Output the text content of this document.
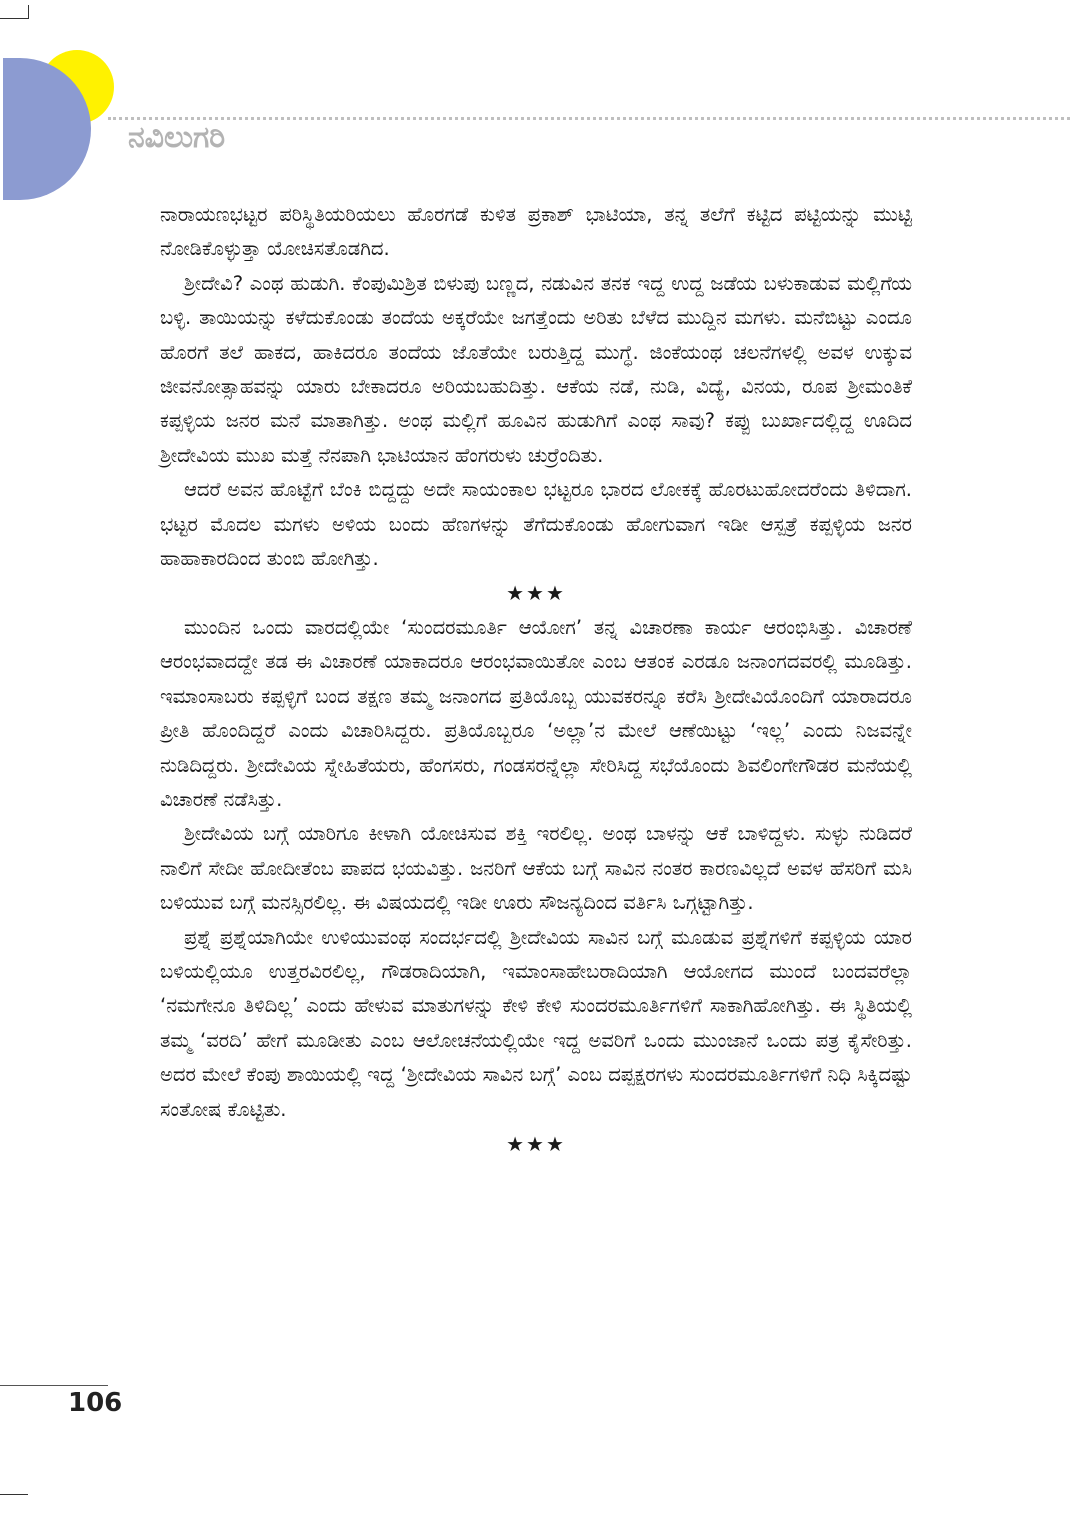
ನವಿಲುಗರಿ

ನಾರಾಯಣಭಟ್ಟರ ಪರಿಸ್ಥಿತಿಯರಿಯಲು ಹೊರಗಡೆ ಕುಳಿತ ಪ್ರಕಾಶ್ ಭಾಟಿಯಾ, ತನ್ನ ತಲೆಗೆ ಕಟ್ಟಿದ ಪಟ್ಟಿಯನ್ನು ಮುಟ್ಟಿ ನೋಡಿಕೊಳ್ಳುತ್ತಾ ಯೋಚಿಸತೊಡಗಿದ.

ಶ್ರೀದೇವಿ? ಎಂಥ ಹುಡುಗಿ. ಕೆಂಪುಮಿಶ್ರಿತ ಬಿಳುಪು ಬಣ್ಣದ, ನಡುವಿನ ತನಕ ಇದ್ದ ಉದ್ದ ಜಡೆಯ ಬಳುಕಾಡುವ ಮಲ್ಲಿಗೆಯ ಬಳ್ಳಿ. ತಾಯಿಯನ್ನು ಕಳೆದುಕೊಂಡು ತಂದೆಯ ಅಕ್ಕರೆಯೇ ಜಗತ್ತೆಂದು ಅರಿತು ಬೆಳೆದ ಮುದ್ದಿನ ಮಗಳು. ಮನೆಬಿಟ್ಟು ಎಂದೂ ಹೊರಗೆ ತಲೆ ಹಾಕದ, ಹಾಕಿದರೂ ತಂದೆಯ ಜೊತೆಯೇ ಬರುತ್ತಿದ್ದ ಮುಗ್ಧೆ. ಜಿಂಕೆಯಂಥ ಚಲನೆಗಳಲ್ಲಿ ಅವಳ ಉಕ್ಕುವ ಜೀವನೋತ್ಸಾಹವನ್ನು ಯಾರು ಬೇಕಾದರೂ ಅರಿಯಬಹುದಿತ್ತು. ಆಕೆಯ ನಡೆ, ನುಡಿ, ವಿದ್ಯೆ, ವಿನಯ, ರೂಪ ಶ್ರೀಮಂತಿಕೆ ಕಪ್ಪಳ್ಳಿಯ ಜನರ ಮನೆ ಮಾತಾಗಿತ್ತು. ಅಂಥ ಮಲ್ಲಿಗೆ ಹೂವಿನ ಹುಡುಗಿಗೆ ಎಂಥ ಸಾವು? ಕಪ್ಪು ಬುರ್ಖಾದಲ್ಲಿದ್ದ ಊದಿದ ಶ್ರೀದೇವಿಯ ಮುಖ ಮತ್ತೆ ನೆನಪಾಗಿ ಭಾಟಿಯಾನ ಹೆಂಗರುಳು ಚುರ್ರೆಂದಿತು.

ಆದರೆ ಅವನ ಹೊಟ್ಟೆಗೆ ಬೆಂಕಿ ಬಿದ್ದದ್ದು ಅದೇ ಸಾಯಂಕಾಲ ಭಟ್ಟರೂ ಭಾರದ ಲೋಕಕ್ಕೆ ಹೊರಟುಹೋದರೆಂದು ತಿಳಿದಾಗ. ಭಟ್ಟರ ಮೊದಲ ಮಗಳು ಅಳಿಯ ಬಂದು ಹೆಣಗಳನ್ನು ತೆಗೆದುಕೊಂಡು ಹೋಗುವಾಗ ಇಡೀ ಆಸ್ಪತ್ರೆ ಕಪ್ಪಳ್ಳಿಯ ಜನರ ಹಾಹಾಕಾರದಿಂದ ತುಂಬಿ ಹೋಗಿತ್ತು.

★★★

ಮುಂದಿನ ಒಂದು ವಾರದಲ್ಲಿಯೇ ‘ಸುಂದರಮೂರ್ತಿ ಆಯೋಗ’ ತನ್ನ ವಿಚಾರಣಾ ಕಾರ್ಯ ಆರಂಭಿಸಿತ್ತು. ವಿಚಾರಣೆ ಆರಂಭವಾದದ್ದೇ ತಡ ಈ ವಿಚಾರಣೆ ಯಾಕಾದರೂ ಆರಂಭವಾಯಿತೋ ಎಂಬ ಆತಂಕ ಎರಡೂ ಜನಾಂಗದವರಲ್ಲಿ ಮೂಡಿತ್ತು. ಇಮಾಂಸಾಬರು ಕಪ್ಪಳ್ಳಿಗೆ ಬಂದ ತಕ್ಷಣ ತಮ್ಮ ಜನಾಂಗದ ಪ್ರತಿಯೊಬ್ಬ ಯುವಕರನ್ನೂ ಕರೆಸಿ ಶ್ರೀದೇವಿಯೊಂದಿಗೆ ಯಾರಾದರೂ ಪ್ರೀತಿ ಹೊಂದಿದ್ದರೆ ಎಂದು ವಿಚಾರಿಸಿದ್ದರು. ಪ್ರತಿಯೊಬ್ಬರೂ ‘ಅಲ್ಲಾ’ನ ಮೇಲೆ ಆಣೆಯಿಟ್ಟು ‘ಇಲ್ಲ’ ಎಂದು ನಿಜವನ್ನೇ ನುಡಿದಿದ್ದರು. ಶ್ರೀದೇವಿಯ ಸ್ನೇಹಿತೆಯರು, ಹೆಂಗಸರು, ಗಂಡಸರನ್ನೆಲ್ಲಾ ಸೇರಿಸಿದ್ದ ಸಭೆಯೊಂದು ಶಿವಲಿಂಗೇಗೌಡರ ಮನೆಯಲ್ಲಿ ವಿಚಾರಣೆ ನಡೆಸಿತ್ತು.

ಶ್ರೀದೇವಿಯ ಬಗ್ಗೆ ಯಾರಿಗೂ ಕೀಳಾಗಿ ಯೋಚಿಸುವ ಶಕ್ತಿ ಇರಲಿಲ್ಲ. ಅಂಥ ಬಾಳನ್ನು ಆಕೆ ಬಾಳಿದ್ದಳು. ಸುಳ್ಳು ನುಡಿದರೆ ನಾಲಿಗೆ ಸೇದೀ ಹೋದೀತೆಂಬ ಪಾಪದ ಭಯವಿತ್ತು. ಜನರಿಗೆ ಆಕೆಯ ಬಗ್ಗೆ ಸಾವಿನ ನಂತರ ಕಾರಣವಿಲ್ಲದೆ ಅವಳ ಹೆಸರಿಗೆ ಮಸಿ ಬಳಿಯುವ ಬಗ್ಗೆ ಮನಸ್ಸಿರಲಿಲ್ಲ. ಈ ವಿಷಯದಲ್ಲಿ ಇಡೀ ಊರು ಸೌಜನ್ಯದಿಂದ ವರ್ತಿಸಿ ಒಗ್ಗಟ್ಟಾಗಿತ್ತು.

ಪ್ರಶ್ನೆ ಪ್ರಶ್ನೆಯಾಗಿಯೇ ಉಳಿಯುವಂಥ ಸಂದರ್ಭದಲ್ಲಿ ಶ್ರೀದೇವಿಯ ಸಾವಿನ ಬಗ್ಗೆ ಮೂಡುವ ಪ್ರಶ್ನೆಗಳಿಗೆ ಕಪ್ಪಳ್ಳಿಯ ಯಾರ ಬಳಿಯಲ್ಲಿಯೂ ಉತ್ತರವಿರಲಿಲ್ಲ, ಗೌಡರಾದಿಯಾಗಿ, ಇಮಾಂಸಾಹೇಬರಾದಿಯಾಗಿ ಆಯೋಗದ ಮುಂದೆ ಬಂದವರೆಲ್ಲಾ ‘ನಮಗೇನೂ ತಿಳಿದಿಲ್ಲ’ ಎಂದು ಹೇಳುವ ಮಾತುಗಳನ್ನು ಕೇಳಿ ಕೇಳಿ ಸುಂದರಮೂರ್ತಿಗಳಿಗೆ ಸಾಕಾಗಿಹೋಗಿತ್ತು. ಈ ಸ್ಥಿತಿಯಲ್ಲಿ ತಮ್ಮ ‘ವರದಿ’ ಹೇಗೆ ಮೂಡೀತು ಎಂಬ ಆಲೋಚನೆಯಲ್ಲಿಯೇ ಇದ್ದ ಅವರಿಗೆ ಒಂದು ಮುಂಜಾನೆ ಒಂದು ಪತ್ರ ಕೈಸೇರಿತ್ತು. ಅದರ ಮೇಲೆ ಕೆಂಪು ಶಾಯಿಯಲ್ಲಿ ಇದ್ದ ‘ಶ್ರೀದೇವಿಯ ಸಾವಿನ ಬಗ್ಗೆ’ ಎಂಬ ದಪ್ಪಕ್ಷರಗಳು ಸುಂದರಮೂರ್ತಿಗಳಿಗೆ ನಿಧಿ ಸಿಕ್ಕಿದಷ್ಟು ಸಂತೋಷ ಕೊಟ್ಟಿತು.

★★★

106
